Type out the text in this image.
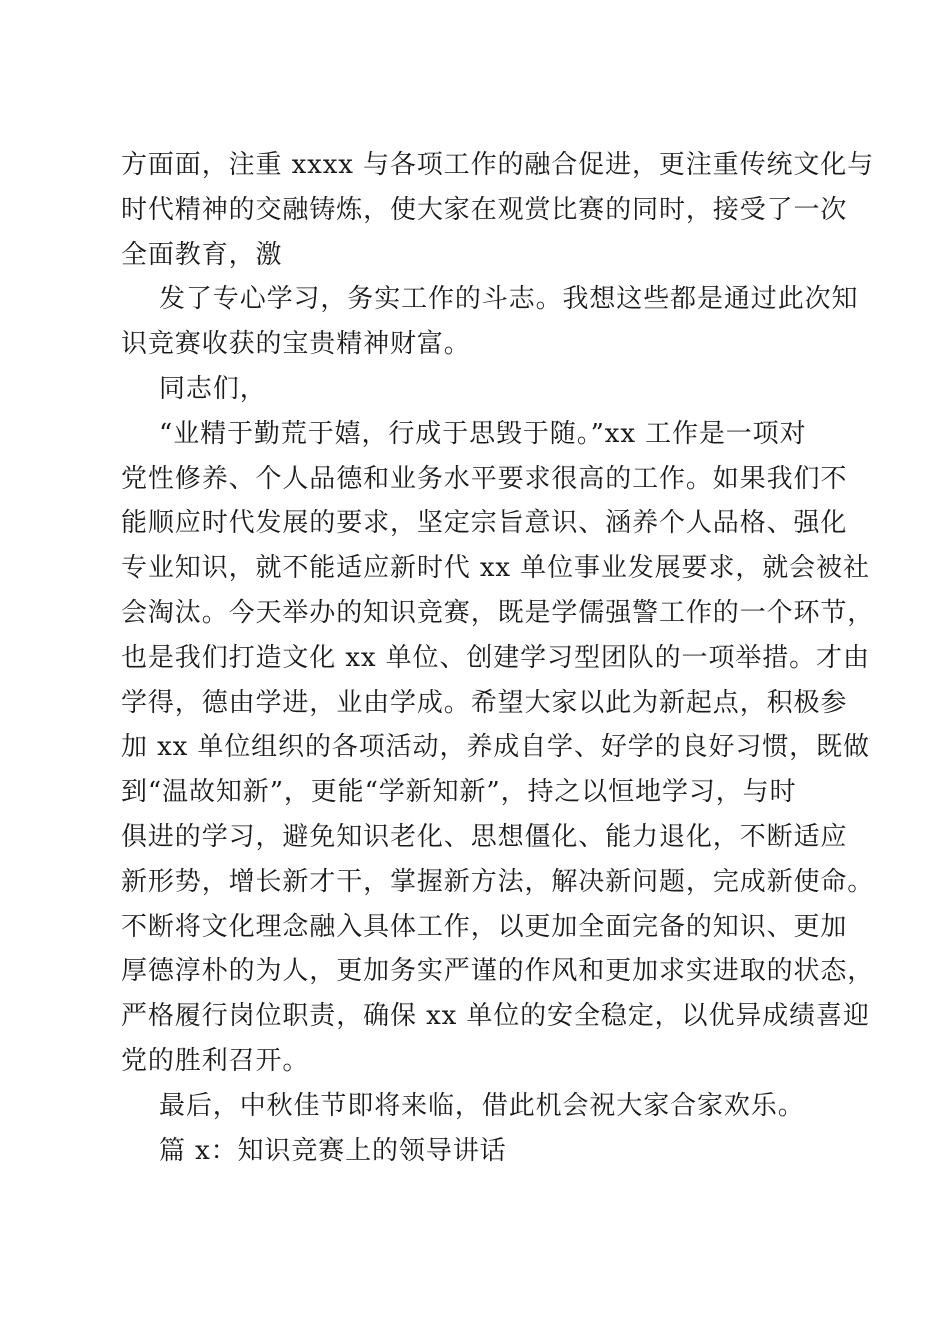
方面面，注重 xxxx 与各项工作的融合促进，更注重传统文化与
时代精神的交融铸炼，使大家在观赏比赛的同时，接受了一次
全面教育，激
发了专心学习，务实工作的斗志。我想这些都是通过此次知
识竞赛收获的宝贵精神财富。
同志们，
“业精于勤荒于嬉，行成于思毁于随。”xx 工作是一项对
党性修养、个人品德和业务水平要求很高的工作。如果我们不
能顺应时代发展的要求，坚定宗旨意识、涵养个人品格、强化
专业知识，就不能适应新时代 xx 单位事业发展要求，就会被社
会淘汰。今天举办的知识竞赛，既是学儒强警工作的一个环节，
也是我们打造文化 xx 单位、创建学习型团队的一项举措。才由
学得，德由学进，业由学成。希望大家以此为新起点，积极参
加 xx 单位组织的各项活动，养成自学、好学的良好习惯，既做
到“温故知新”，更能“学新知新”，持之以恒地学习，与时
俱进的学习，避免知识老化、思想僵化、能力退化，不断适应
新形势，增长新才干，掌握新方法，解决新问题，完成新使命。
不断将文化理念融入具体工作，以更加全面完备的知识、更加
厚德淳朴的为人，更加务实严谨的作风和更加求实进取的状态，
严格履行岗位职责，确保 xx 单位的安全稳定，以优异成绩喜迎
党的胜利召开。
最后，中秋佳节即将来临，借此机会祝大家合家欢乐。
篇 x：知识竞赛上的领导讲话
